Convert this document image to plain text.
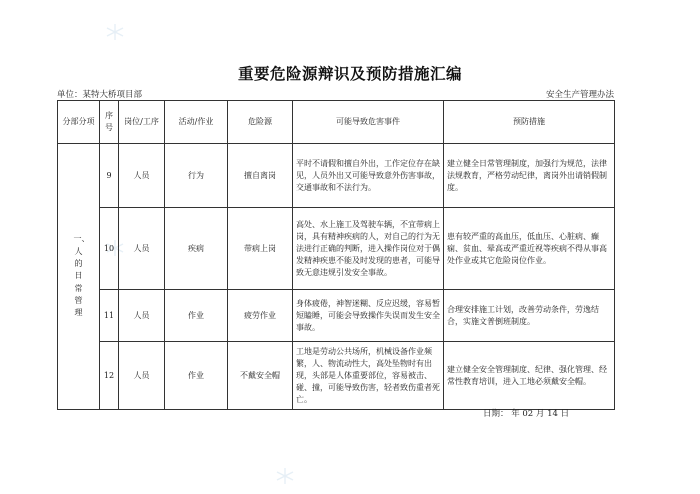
重要危险源辩识及预防措施汇编
单位：某特大桥项目部	安全生产管理办法
分部分项	序号	岗位/工序	活动/作业	危险源	可能导致危害事件	预防措施
一、人的日常管理	9	人员	行为	擅自离岗	平时不请假和擅自外出，工作定位存在缺见，人员外出又可能导致意外伤害事故，交通事故和不法行为。	建立健全日常管理制度，加强行为规范，法律法规教育，严格劳动纪律，离岗外出请销假制度。
	10	人员	疾病	带病上岗	高处、水上施工及驾驶车辆，不宜带病上岗，具有精神疾病的人，对自己的行为无法进行正确的判断，进入操作岗位对于偶发精神疾患不能及时发现的患者，可能导致无意违规引发安全事故。	患有较严重的高血压，低血压、心脏病、癫痫、贫血、晕高或严重近视等疾病不得从事高处作业或其它危险岗位作业。
	11	人员	作业	疲劳作业	身体疲倦，神智迷糊、反应迟缓，容易暂短瞌睡，可能会导致操作失误而发生安全事故。	合理安排施工计划，改善劳动条件，劳逸结合，实施文普倒班制度。
	12	人员	作业	不戴安全帽	工地是劳动公共场所，机械设备作业频繁，人、物流动性大，高处坠物时有出现，头部是人体重要部位，容易被击、碰、撞，可能导致伤害，轻者致伤重者死亡。	建立健全安全管理制度、纪律、强化管理、经常性教育培训，进入工地必须戴安全帽。
日期： 年 02 月 14 日
